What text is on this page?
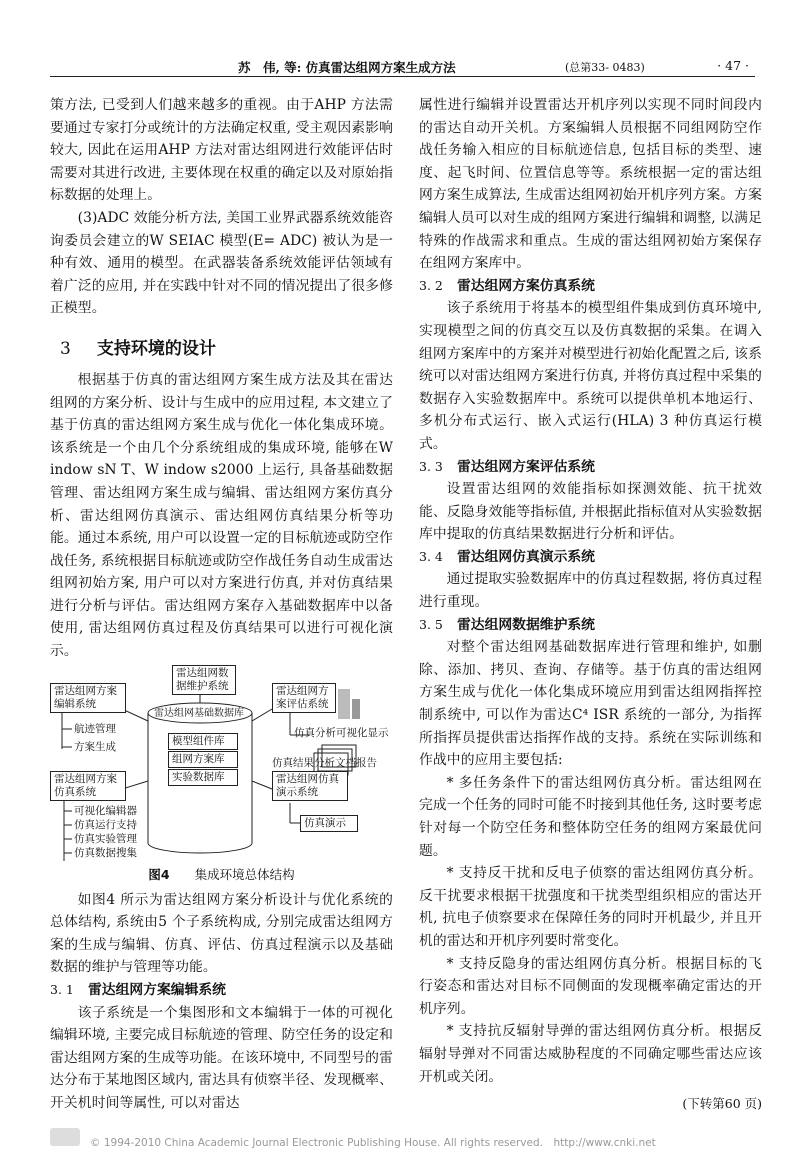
苏　伟, 等: 仿真雷达组网方案生成方法	(总第33- 0483)	· 47 ·

策方法, 已受到人们越来越多的重视。由于AHP 方法需要通过专家打分或统计的方法确定权重, 受主观因素影响较大, 因此在运用AHP 方法对雷达组网进行效能评估时需要对其进行改进, 主要体现在权重的确定以及对原始指标数据的处理上。

(3)ADC 效能分析方法, 美国工业界武器系统效能咨询委员会建立的W SEIAC 模型(E= ADC) 被认为是一种有效、通用的模型。在武器装备系统效能评估领域有着广泛的应用, 并在实践中针对不同的情况提出了很多修正模型。

3 支持环境的设计

根据基于仿真的雷达组网方案生成方法及其在雷达组网的方案分析、设计与生成中的应用过程, 本文建立了基于仿真的雷达组网方案生成与优化一体化集成环境。该系统是一个由几个分系统组成的集成环境, 能够在W indow sN T、W indow s2000 上运行, 具备基础数据管理、雷达组网方案生成与编辑、雷达组网方案仿真分析、雷达组网仿真演示、雷达组网仿真结果分析等功能。通过本系统, 用户可以设置一定的目标航迹或防空作战任务, 系统根据目标航迹或防空作战任务自动生成雷达组网初始方案, 用户可以对方案进行仿真, 并对仿真结果进行分析与评估。雷达组网方案存入基础数据库中以备使用, 雷达组网仿真过程及仿真结果可以进行可视化演示。

雷达组网数据维护系统
雷达组网方案编辑系统
雷达组网方案评估系统
雷达组网基础数据库
模型组件库
组网方案库
实验数据库
航迹管理
方案生成
雷达组网方案仿真系统
雷达组网仿真演示系统
仿真分析可视化显示
仿真结果分析文档报告
仿真演示
可视化编辑器
仿真运行支持
仿真实验管理
仿真数据搜集
图4　　 集成环境总体结构

如图4 所示为雷达组网方案分析设计与优化系统的总体结构, 系统由5 个子系统构成, 分别完成雷达组网方案的生成与编辑、仿真、评估、仿真过程演示以及基础数据的维护与管理等功能。

3. 1 雷达组网方案编辑系统

该子系统是一个集图形和文本编辑于一体的可视化编辑环境, 主要完成目标航迹的管理、防空任务的设定和雷达组网方案的生成等功能。在该环境中, 不同型号的雷达分布于某地图区域内, 雷达具有侦察半径、发现概率、开关机时间等属性, 可以对雷达

属性进行编辑并设置雷达开机序列以实现不同时间段内的雷达自动开关机。方案编辑人员根据不同组网防空作战任务输入相应的目标航迹信息, 包括目标的类型、速度、起飞时间、位置信息等等。系统根据一定的雷达组网方案生成算法, 生成雷达组网初始开机序列方案。方案编辑人员可以对生成的组网方案进行编辑和调整, 以满足特殊的作战需求和重点。生成的雷达组网初始方案保存在组网方案库中。

3. 2 雷达组网方案仿真系统

该子系统用于将基本的模型组件集成到仿真环境中, 实现模型之间的仿真交互以及仿真数据的采集。在调入组网方案库中的方案并对模型进行初始化配置之后, 该系统可以对雷达组网方案进行仿真, 并将仿真过程中采集的数据存入实验数据库中。系统可以提供单机本地运行、多机分布式运行、嵌入式运行(HLA) 3 种仿真运行模式。

3. 3 雷达组网方案评估系统

设置雷达组网的效能指标如探测效能、抗干扰效能、反隐身效能等指标值, 并根据此指标值对从实验数据库中提取的仿真结果数据进行分析和评估。

3. 4 雷达组网仿真演示系统

通过提取实验数据库中的仿真过程数据, 将仿真过程进行重现。

3. 5 雷达组网数据维护系统

对整个雷达组网基础数据库进行管理和维护, 如删除、添加、拷贝、查询、存储等。基于仿真的雷达组网方案生成与优化一体化集成环境应用到雷达组网指挥控制系统中, 可以作为雷达C⁴ ISR 系统的一部分, 为指挥所指挥员提供雷达指挥作战的支持。系统在实际训练和作战中的应用主要包括:

* 多任务条件下的雷达组网仿真分析。雷达组网在完成一个任务的同时可能不时接到其他任务, 这时要考虑针对每一个防空任务和整体防空任务的组网方案最优问题。

* 支持反干扰和反电子侦察的雷达组网仿真分析。反干扰要求根据干扰强度和干扰类型组织相应的雷达开机, 抗电子侦察要求在保障任务的同时开机最少, 并且开机的雷达和开机序列要时常变化。

* 支持反隐身的雷达组网仿真分析。根据目标的飞行姿态和雷达对目标不同侧面的发现概率确定雷达的开机序列。

* 支持抗反辐射导弹的雷达组网仿真分析。根据反辐射导弹对不同雷达威胁程度的不同确定哪些雷达应该开机或关闭。

(下转第60 页)
© 1994-2010 China Academic Journal Electronic Publishing House. All rights reserved.　http://www.cnki.net
